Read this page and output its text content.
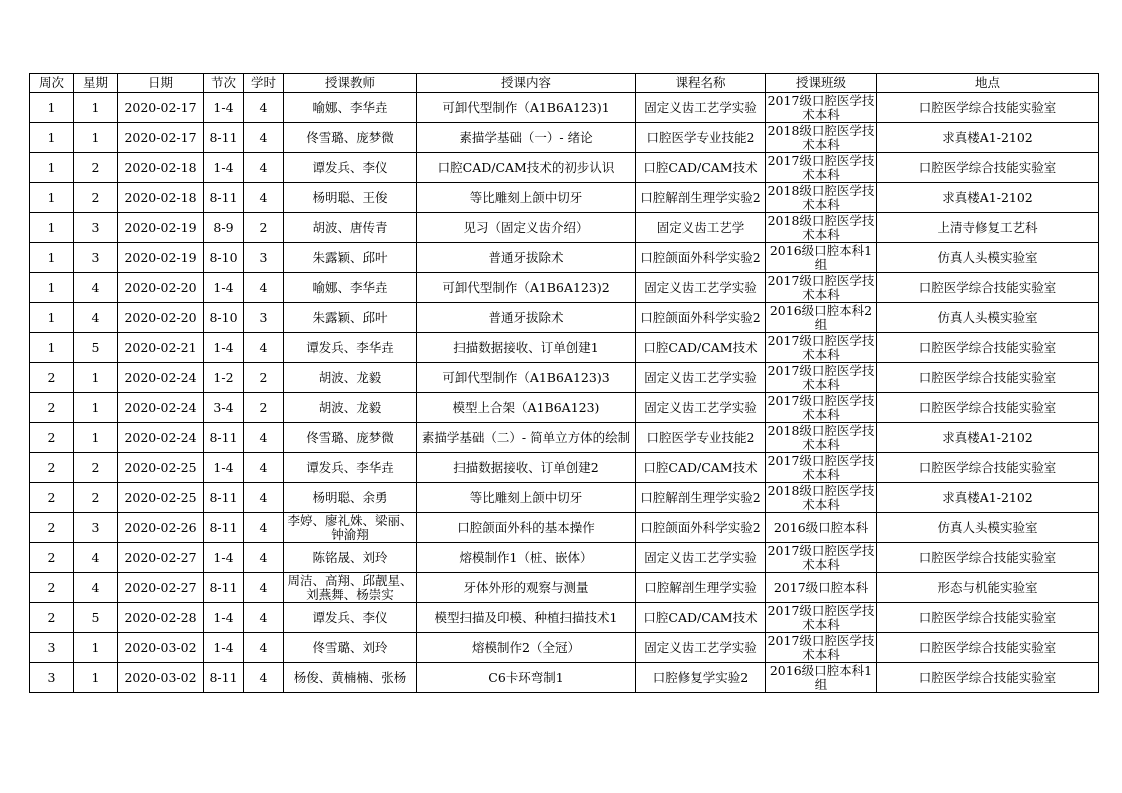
周次	星期	日期	节次	学时	授课教师	授课内容	课程名称	授课班级	地点
1	1	2020-02-17	1-4	4	喻娜、李华垚	可卸代型制作（A1B6A123)1	固定义齿工艺学实验	2017级口腔医学技术本科	口腔医学综合技能实验室
1	1	2020-02-17	8-11	4	佟雪璐、庞梦微	素描学基础（一）- 绪论	口腔医学专业技能2	2018级口腔医学技术本科	求真楼A1-2102
1	2	2020-02-18	1-4	4	谭发兵、李仪	口腔CAD/CAM技术的初步认识	口腔CAD/CAM技术	2017级口腔医学技术本科	口腔医学综合技能实验室
1	2	2020-02-18	8-11	4	杨明聪、王俊	等比雕刻上颌中切牙	口腔解剖生理学实验2	2018级口腔医学技术本科	求真楼A1-2102
1	3	2020-02-19	8-9	2	胡波、唐传青	见习（固定义齿介绍）	固定义齿工艺学	2018级口腔医学技术本科	上清寺修复工艺科
1	3	2020-02-19	8-10	3	朱露颖、邱叶	普通牙拔除术	口腔颌面外科学实验2	2016级口腔本科1组	仿真人头模实验室
1	4	2020-02-20	1-4	4	喻娜、李华垚	可卸代型制作（A1B6A123)2	固定义齿工艺学实验	2017级口腔医学技术本科	口腔医学综合技能实验室
1	4	2020-02-20	8-10	3	朱露颖、邱叶	普通牙拔除术	口腔颌面外科学实验2	2016级口腔本科2组	仿真人头模实验室
1	5	2020-02-21	1-4	4	谭发兵、李华垚	扫描数据接收、订单创建1	口腔CAD/CAM技术	2017级口腔医学技术本科	口腔医学综合技能实验室
2	1	2020-02-24	1-2	2	胡波、龙毅	可卸代型制作（A1B6A123)3	固定义齿工艺学实验	2017级口腔医学技术本科	口腔医学综合技能实验室
2	1	2020-02-24	3-4	2	胡波、龙毅	模型上合架（A1B6A123)	固定义齿工艺学实验	2017级口腔医学技术本科	口腔医学综合技能实验室
2	1	2020-02-24	8-11	4	佟雪璐、庞梦微	素描学基础（二）- 简单立方体的绘制	口腔医学专业技能2	2018级口腔医学技术本科	求真楼A1-2102
2	2	2020-02-25	1-4	4	谭发兵、李华垚	扫描数据接收、订单创建2	口腔CAD/CAM技术	2017级口腔医学技术本科	口腔医学综合技能实验室
2	2	2020-02-25	8-11	4	杨明聪、余勇	等比雕刻上颌中切牙	口腔解剖生理学实验2	2018级口腔医学技术本科	求真楼A1-2102
2	3	2020-02-26	8-11	4	李婷、廖礼姝、梁丽、钟渝翔	口腔颌面外科的基本操作	口腔颌面外科学实验2	2016级口腔本科	仿真人头模实验室
2	4	2020-02-27	1-4	4	陈铭晟、刘玲	熔模制作1（桩、嵌体）	固定义齿工艺学实验	2017级口腔医学技术本科	口腔医学综合技能实验室
2	4	2020-02-27	8-11	4	周洁、高翔、邱靓星、刘燕舞、杨崇实	牙体外形的观察与测量	口腔解剖生理学实验	2017级口腔本科	形态与机能实验室
2	5	2020-02-28	1-4	4	谭发兵、李仪	模型扫描及印模、种植扫描技术1	口腔CAD/CAM技术	2017级口腔医学技术本科	口腔医学综合技能实验室
3	1	2020-03-02	1-4	4	佟雪璐、刘玲	熔模制作2（全冠）	固定义齿工艺学实验	2017级口腔医学技术本科	口腔医学综合技能实验室
3	1	2020-03-02	8-11	4	杨俊、黄楠楠、张杨	C6卡环弯制1	口腔修复学实验2	2016级口腔本科1组	口腔医学综合技能实验室
